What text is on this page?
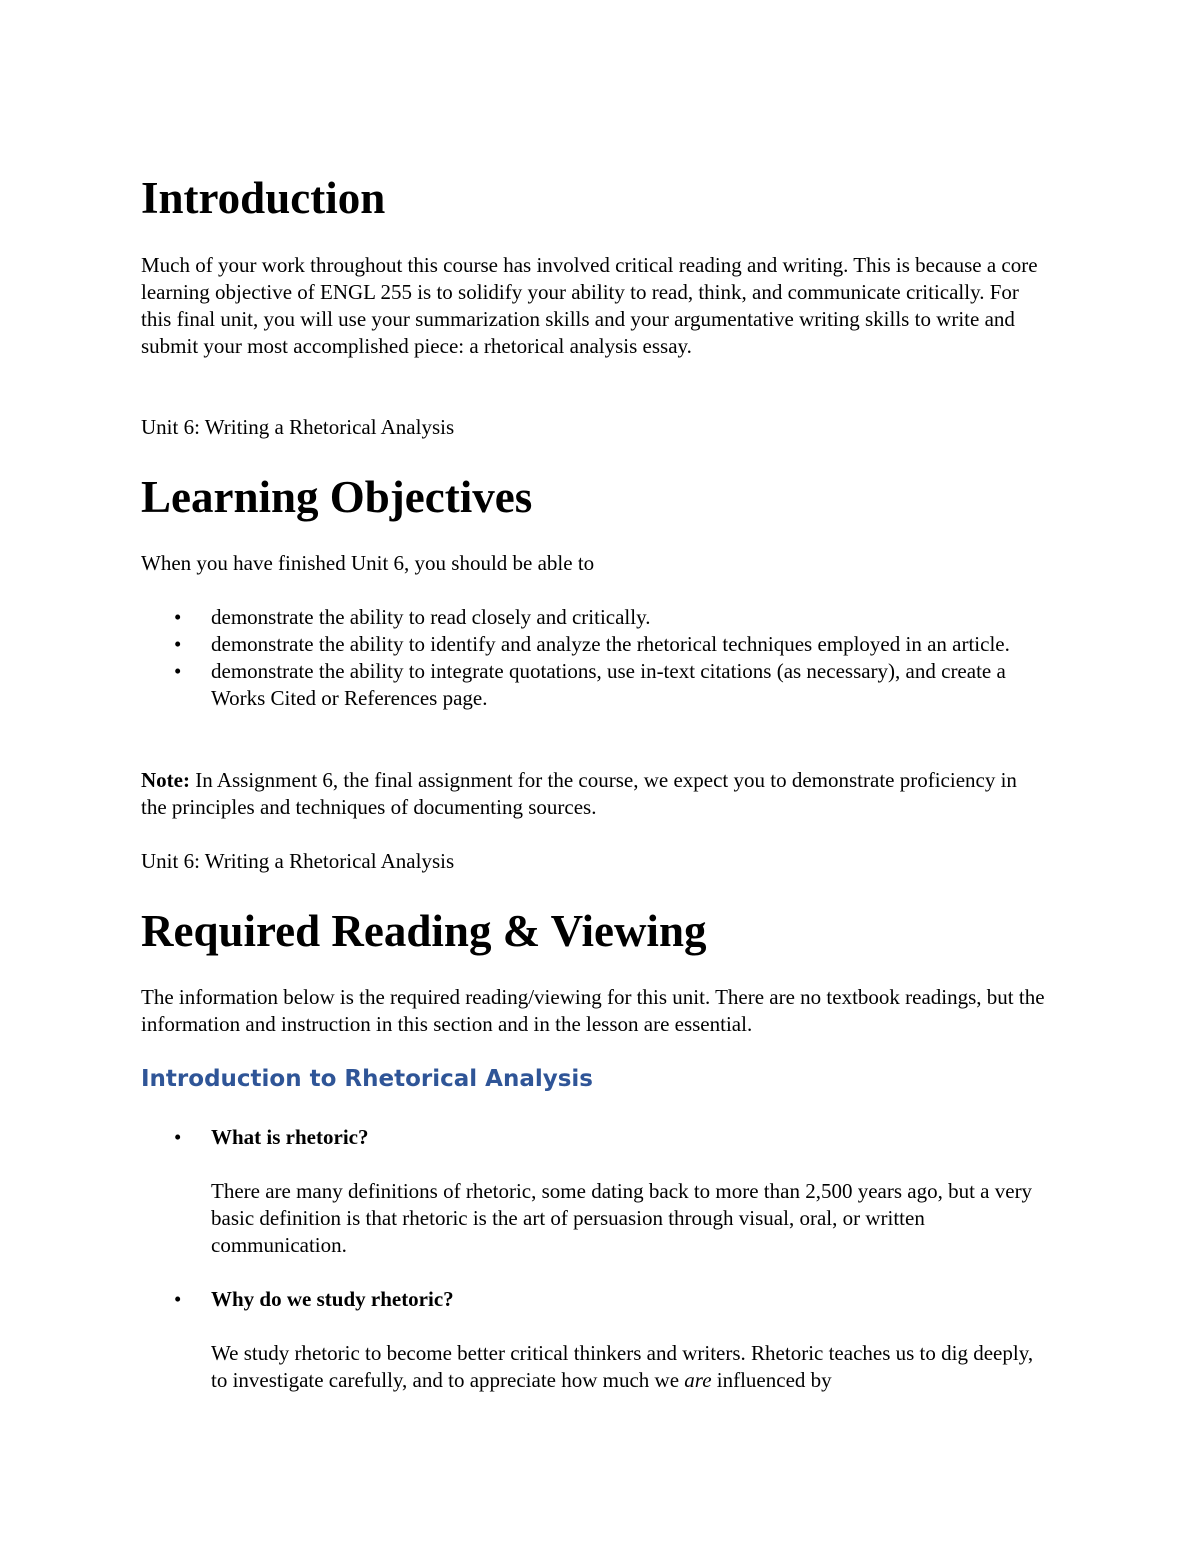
Introduction

Much of your work throughout this course has involved critical reading and writing. This is because a core learning objective of ENGL 255 is to solidify your ability to read, think, and communicate critically. For this final unit, you will use your summarization skills and your argumentative writing skills to write and submit your most accomplished piece: a rhetorical analysis essay.

Unit 6: Writing a Rhetorical Analysis

Learning Objectives

When you have finished Unit 6, you should be able to

• demonstrate the ability to read closely and critically.
• demonstrate the ability to identify and analyze the rhetorical techniques employed in an article.
• demonstrate the ability to integrate quotations, use in-text citations (as necessary), and create a Works Cited or References page.

Note: In Assignment 6, the final assignment for the course, we expect you to demonstrate proficiency in the principles and techniques of documenting sources.

Unit 6: Writing a Rhetorical Analysis

Required Reading & Viewing

The information below is the required reading/viewing for this unit. There are no textbook readings, but the information and instruction in this section and in the lesson are essential.

Introduction to Rhetorical Analysis
• What is rhetoric?
There are many definitions of rhetoric, some dating back to more than 2,500 years ago, but a very basic definition is that rhetoric is the art of persuasion through visual, oral, or written communication.
• Why do we study rhetoric?
We study rhetoric to become better critical thinkers and writers. Rhetoric teaches us to dig deeply, to investigate carefully, and to appreciate how much we are influenced by
